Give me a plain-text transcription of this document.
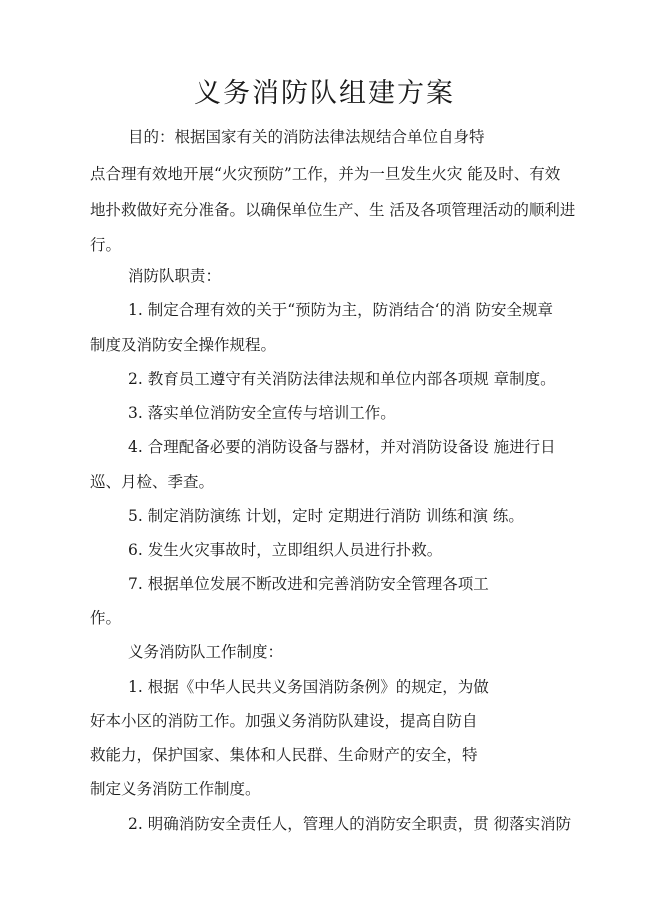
义务消防队组建方案
目的：根据国家有关的消防法律法规结合单位自身特
点合理有效地开展“火灾预防”工作，并为一旦发生火灾 能及时、有效
地扑救做好充分准备。以确保单位生产、生 活及各项管理活动的顺利进
行。
消防队职责：
1. 制定合理有效的关于“预防为主，防消结合‘的消 防安全规章
制度及消防安全操作规程。
2. 教育员工遵守有关消防法律法规和单位内部各项规 章制度。
3. 落实单位消防安全宣传与培训工作。
4. 合理配备必要的消防设备与器材，并对消防设备设 施进行日
巡、月检、季查。
5. 制定消防演练 计划，定时 定期进行消防 训练和演 练。
6. 发生火灾事故时，立即组织人员进行扑救。
7. 根据单位发展不断改进和完善消防安全管理各项工
作。
义务消防队工作制度：
1. 根据《中华人民共义务国消防条例》的规定，为做
好本小区的消防工作。加强义务消防队建设，提高自防自
救能力，保护国家、集体和人民群、生命财产的安全，特
制定义务消防工作制度。
2. 明确消防安全责任人，管理人的消防安全职责，贯 彻落实消防
